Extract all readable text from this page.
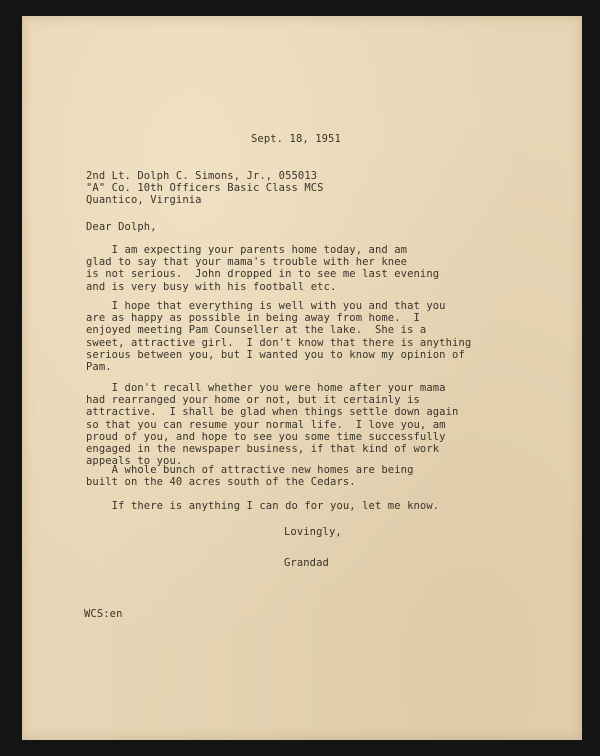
Sept. 18, 1951
2nd Lt. Dolph C. Simons, Jr., 055013
"A" Co. 10th Officers Basic Class MCS
Quantico, Virginia
Dear Dolph,
I am expecting your parents home today, and am
glad to say that your mama's trouble with her knee
is not serious.  John dropped in to see me last evening
and is very busy with his football etc.
I hope that everything is well with you and that you
are as happy as possible in being away from home.  I
enjoyed meeting Pam Counseller at the lake.  She is a
sweet, attractive girl.  I don't know that there is anything
serious between you, but I wanted you to know my opinion of
Pam.
I don't recall whether you were home after your mama
had rearranged your home or not, but it certainly is
attractive.  I shall be glad when things settle down again
so that you can resume your normal life.  I love you, am
proud of you, and hope to see you some time successfully
engaged in the newspaper business, if that kind of work
appeals to you.
A whole bunch of attractive new homes are being
built on the 40 acres south of the Cedars.
If there is anything I can do for you, let me know.
Lovingly,
Grandad
WCS:en
